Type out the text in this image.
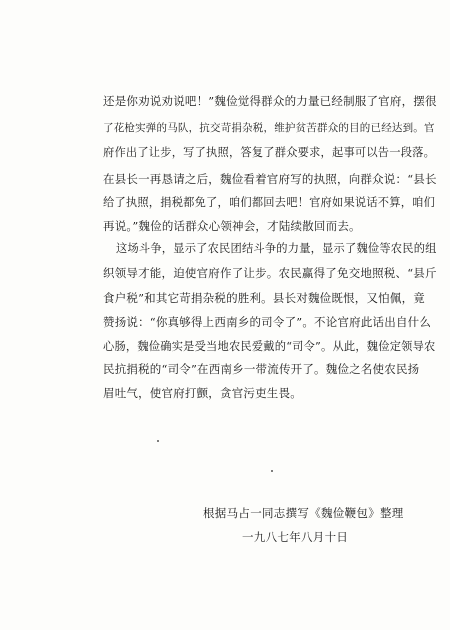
还是你劝说劝说吧！”魏俭觉得群众的力量已经制服了官府，摆很
了花枪实弹的马队，抗交苛捐杂税，维护贫苦群众的目的已经达到。官
府作出了让步，写了执照，答复了群众要求，起事可以告一段落。
在县长一再恳请之后，魏俭看着官府写的执照，向群众说：“县长
给了执照，捐税都免了，咱们都回去吧！官府如果说话不算，咱们
再说。”魏俭的话群众心领神会，才陆续散回而去。
这场斗争，显示了农民团结斗争的力量，显示了魏俭等农民的组
织领导才能，迫使官府作了让步。农民赢得了免交地照税、“县斤
食户税”和其它苛捐杂税的胜利。县长对魏俭既恨，又怕佩，竟
赞扬说：“你真够得上西南乡的司令了”。不论官府此话出自什么
心肠，魏俭确实是受当地农民爱戴的“司令”。从此，魏俭定领导农
民抗捐税的“司令”在西南乡一带流传开了。魏俭之名使农民扬
眉吐气，使官府打颤，贪官污吏生畏。
根据马占一同志撰写《魏俭鞭包》整理
一九八七年八月十日
